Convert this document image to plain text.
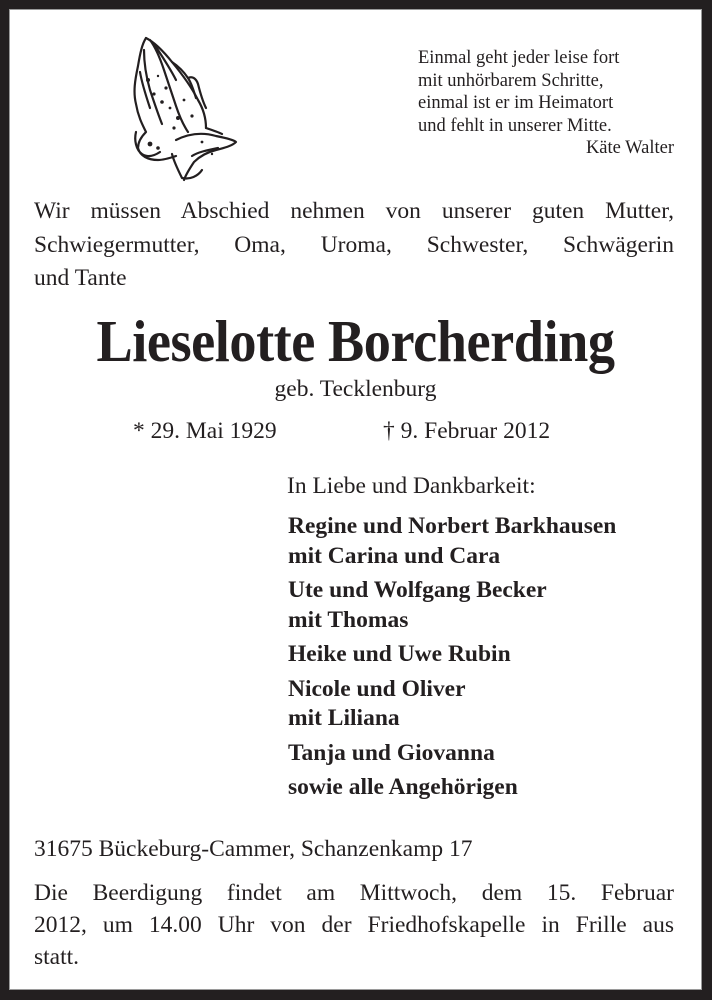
Einmal geht jeder leise fort
mit unhörbarem Schritte,
einmal ist er im Heimatort
und fehlt in unserer Mitte.
Käte Walter
Wir müssen Abschied nehmen von unserer guten Mutter,
Schwiegermutter, Oma, Uroma, Schwester, Schwägerin
und Tante
Lieselotte Borcherding
geb. Tecklenburg
* 29. Mai 1929	† 9. Februar 2012
In Liebe und Dankbarkeit:
Regine und Norbert Barkhausen
mit Carina und Cara
Ute und Wolfgang Becker
mit Thomas
Heike und Uwe Rubin
Nicole und Oliver
mit Liliana
Tanja und Giovanna
sowie alle Angehörigen
31675 Bückeburg-Cammer, Schanzenkamp 17
Die Beerdigung findet am Mittwoch, dem 15. Februar
2012, um 14.00 Uhr von der Friedhofskapelle in Frille aus
statt.
